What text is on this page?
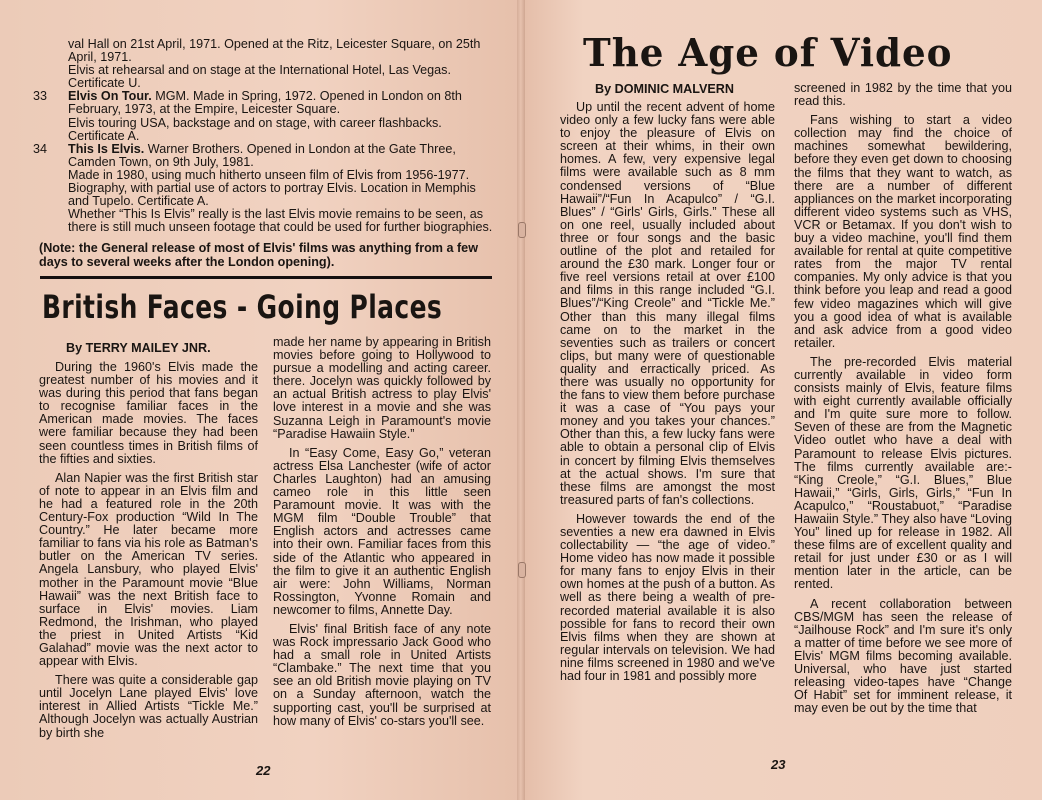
val Hall on 21st April, 1971. Opened at the Ritz, Leicester Square, on 25th April, 1971.

Elvis at rehearsal and on stage at the International Hotel, Las Vegas. Certificate U.

33 Elvis On Tour. MGM. Made in Spring, 1972. Opened in London on 8th February, 1973, at the Empire, Leicester Square.

Elvis touring USA, backstage and on stage, with career flashbacks. Certificate A.

34 This Is Elvis. Warner Brothers. Opened in London at the Gate Three, Camden Town, on 9th July, 1981.

Made in 1980, using much hitherto unseen film of Elvis from 1956-1977. Biography, with partial use of actors to portray Elvis. Location in Memphis and Tupelo. Certificate A.

Whether “This Is Elvis” really is the last Elvis movie remains to be seen, as there is still much unseen footage that could be used for further biographies.

(Note: the General release of most of Elvis' films was anything from a few days to several weeks after the London opening).
British Faces - Going Places
By TERRY MAILEY JNR.

During the 1960's Elvis made the greatest number of his movies and it was during this period that fans began to recognise familiar faces in the American made movies. The faces were familiar because they had been seen countless times in British films of the fifties and sixties.

Alan Napier was the first British star of note to appear in an Elvis film and he had a featured role in the 20th Century-Fox production “Wild In The Country.” He later became more familiar to fans via his role as Batman's butler on the American TV series. Angela Lansbury, who played Elvis' mother in the Paramount movie “Blue Hawaii” was the next British face to surface in Elvis' movies. Liam Redmond, the Irishman, who played the priest in United Artists “Kid Galahad” movie was the next actor to appear with Elvis.

There was quite a considerable gap until Jocelyn Lane played Elvis' love interest in Allied Artists “Tickle Me.” Although Jocelyn was actually Austrian by birth she

made her name by appearing in British movies before going to Hollywood to pursue a modelling and acting career. there. Jocelyn was quickly followed by an actual British actress to play Elvis' love interest in a movie and she was Suzanna Leigh in Paramount's movie “Paradise Hawaiin Style.”

In “Easy Come, Easy Go,” veteran actress Elsa Lanchester (wife of actor Charles Laughton) had an amusing cameo role in this little seen Paramount movie. It was with the MGM film “Double Trouble” that English actors and actresses came into their own. Familiar faces from this side of the Atlantic who appeared in the film to give it an authentic English air were: John Williams, Norman Rossington, Yvonne Romain and newcomer to films, Annette Day.

Elvis' final British face of any note was Rock impressario Jack Good who had a small role in United Artists “Clambake.” The next time that you see an old British movie playing on TV on a Sunday afternoon, watch the supporting cast, you'll be surprised at how many of Elvis' co-stars you'll see.

22
The Age of Video
By DOMINIC MALVERN

Up until the recent advent of home video only a few lucky fans were able to enjoy the pleasure of Elvis on screen at their whims, in their own homes. A few, very expensive legal films were available such as 8 mm condensed versions of “Blue Hawaii”/“Fun In Acapulco” / “G.I. Blues” / “Girls' Girls, Girls.” These all on one reel, usually included about three or four songs and the basic outline of the plot and retailed for around the £30 mark. Longer four or five reel versions retail at over £100 and films in this range included “G.I. Blues”/“King Creole” and “Tickle Me.” Other than this many illegal films came on to the market in the seventies such as trailers or concert clips, but many were of questionable quality and erractically priced. As there was usually no opportunity for the fans to view them before purchase it was a case of “You pays your money and you takes your chances.” Other than this, a few lucky fans were able to obtain a personal clip of Elvis in concert by filming Elvis themselves at the actual shows. I'm sure that these films are amongst the most treasured parts of fan's collections.

However towards the end of the seventies a new era dawned in Elvis collectability — “the age of video.” Home video has now made it possible for many fans to enjoy Elvis in their own homes at the push of a button. As well as there being a wealth of pre-recorded material available it is also possible for fans to record their own Elvis films when they are shown at regular intervals on television. We had nine films screened in 1980 and we've had four in 1981 and possibly more

screened in 1982 by the time that you read this.

Fans wishing to start a video collection may find the choice of machines somewhat bewildering, before they even get down to choosing the films that they want to watch, as there are a number of different appliances on the market incorporating different video systems such as VHS, VCR or Betamax. If you don't wish to buy a video machine, you'll find them available for rental at quite competitive rates from the major TV rental companies. My only advice is that you think before you leap and read a good few video magazines which will give you a good idea of what is available and ask advice from a good video retailer.

The pre-recorded Elvis material currently available in video form consists mainly of Elvis, feature films with eight currently available officially and I'm quite sure more to follow. Seven of these are from the Magnetic Video outlet who have a deal with Paramount to release Elvis pictures. The films currently available are:- “King Creole,” “G.I. Blues,” Blue Hawaii,” “Girls, Girls, Girls,” “Fun In Acapulco,” “Roustabuot,” “Paradise Hawaiin Style.” They also have “Loving You” lined up for release in 1982. All these films are of excellent quality and retail for just under £30 or as I will mention later in the article, can be rented.

A recent collaboration between CBS/MGM has seen the release of “Jailhouse Rock” and I'm sure it's only a matter of time before we see more of Elvis' MGM films becoming available. Universal, who have just started releasing video-tapes have “Change Of Habit” set for imminent release, it may even be out by the time that

23
